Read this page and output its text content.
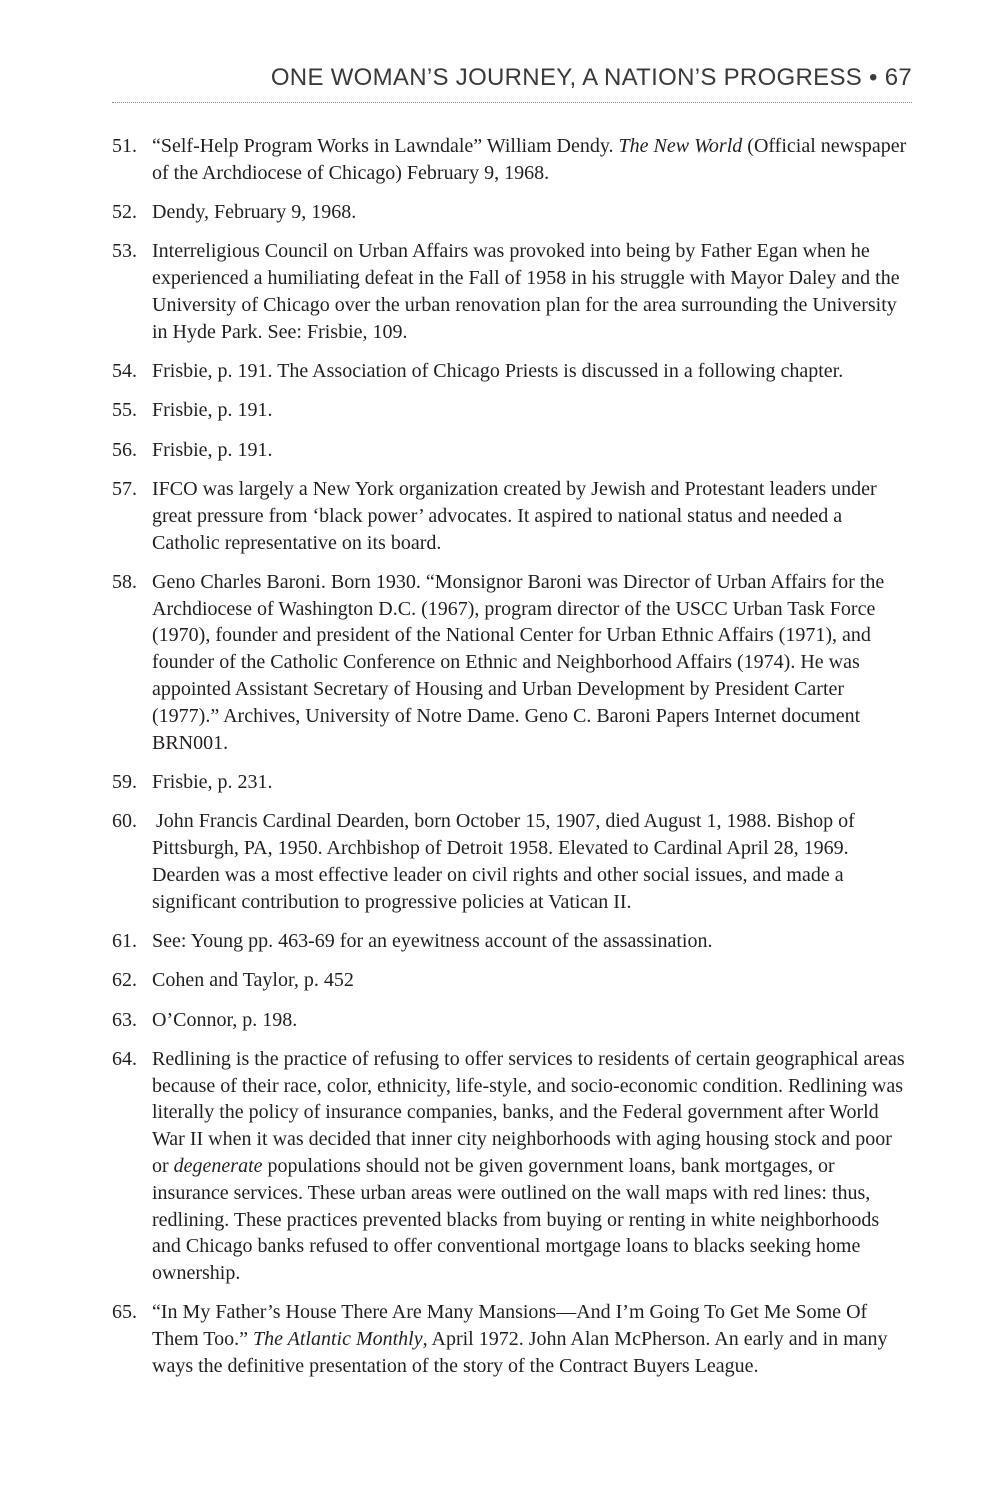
ONE WOMAN’S JOURNEY, A NATION’S PROGRESS • 67
51. “Self-Help Program Works in Lawndale” William Dendy. The New World (Official newspaper of the Archdiocese of Chicago) February 9, 1968.
52. Dendy, February 9, 1968.
53. Interreligious Council on Urban Affairs was provoked into being by Father Egan when he experienced a humiliating defeat in the Fall of 1958 in his struggle with Mayor Daley and the University of Chicago over the urban renovation plan for the area surrounding the University in Hyde Park. See: Frisbie, 109.
54. Frisbie, p. 191. The Association of Chicago Priests is discussed in a following chapter.
55. Frisbie, p. 191.
56. Frisbie, p. 191.
57. IFCO was largely a New York organization created by Jewish and Protestant leaders under great pressure from ‘black power’ advocates. It aspired to national status and needed a Catholic representative on its board.
58. Geno Charles Baroni. Born 1930. “Monsignor Baroni was Director of Urban Affairs for the Archdiocese of Washington D.C. (1967), program director of the USCC Urban Task Force (1970), founder and president of the National Center for Urban Ethnic Affairs (1971), and founder of the Catholic Conference on Ethnic and Neighborhood Affairs (1974). He was appointed Assistant Secretary of Housing and Urban Development by President Carter (1977).” Archives, University of Notre Dame. Geno C. Baroni Papers Internet document BRN001.
59. Frisbie, p. 231.
60. John Francis Cardinal Dearden, born October 15, 1907, died August 1, 1988. Bishop of Pittsburgh, PA, 1950. Archbishop of Detroit 1958. Elevated to Cardinal April 28, 1969. Dearden was a most effective leader on civil rights and other social issues, and made a significant contribution to progressive policies at Vatican II.
61. See: Young pp. 463-69 for an eyewitness account of the assassination.
62. Cohen and Taylor, p. 452
63. O’Connor, p. 198.
64. Redlining is the practice of refusing to offer services to residents of certain geographical areas because of their race, color, ethnicity, life-style, and socio-economic condition. Redlining was literally the policy of insurance companies, banks, and the Federal government after World War II when it was decided that inner city neighborhoods with aging housing stock and poor or degenerate populations should not be given government loans, bank mortgages, or insurance services. These urban areas were outlined on the wall maps with red lines: thus, redlining. These practices prevented blacks from buying or renting in white neighborhoods and Chicago banks refused to offer conventional mortgage loans to blacks seeking home ownership.
65. “In My Father’s House There Are Many Mansions—And I’m Going To Get Me Some Of Them Too.” The Atlantic Monthly, April 1972. John Alan McPherson. An early and in many ways the definitive presentation of the story of the Contract Buyers League.
